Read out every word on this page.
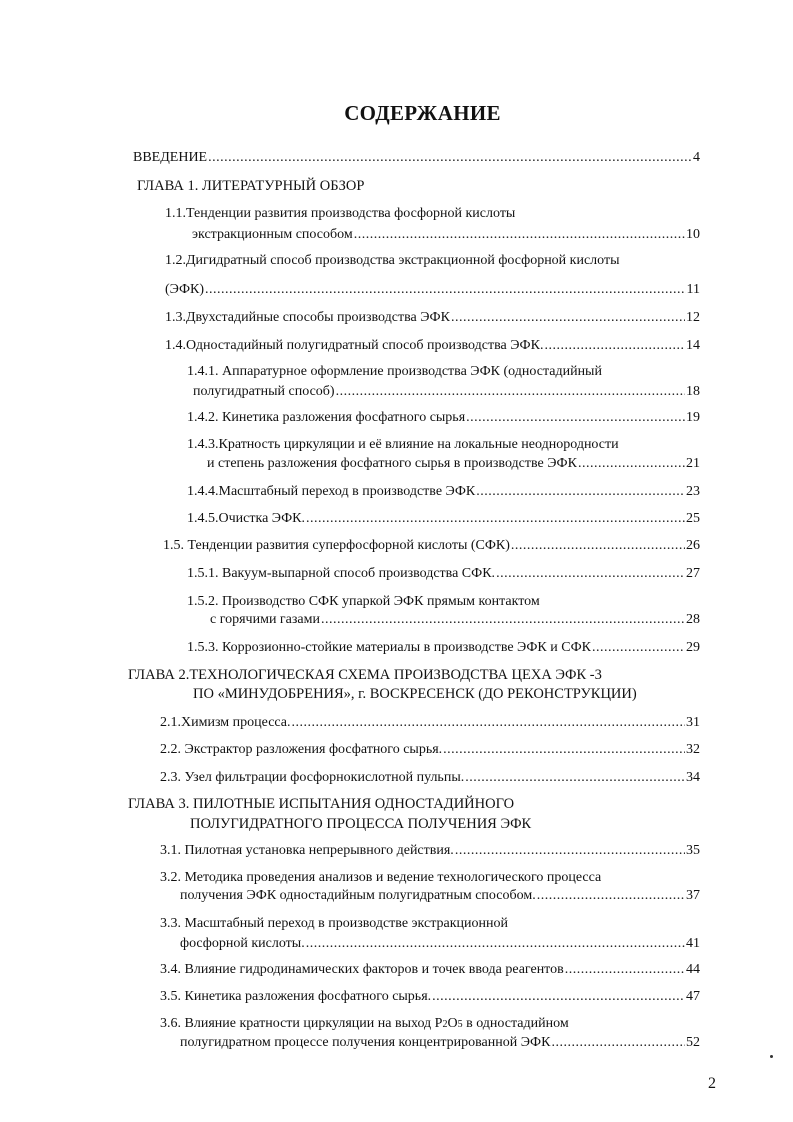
СОДЕРЖАНИЕ
ВВЕДЕНИЕ .....	4
ГЛАВА 1. ЛИТЕРАТУРНЫЙ ОБЗОР
1.1.Тенденции развития производства фосфорной кислоты
экстракционным способом .....	10
1.2.Дигидратный способ производства экстракционной фосфорной кислоты
(ЭФК) .....	11
1.3.Двухстадийные способы производства ЭФК .....	12
1.4.Одностадийный полугидратный способ производства ЭФК. .....	14
1.4.1. Аппаратурное оформление производства ЭФК (одностадийный
полугидратный способ) .....	18
1.4.2. Кинетика разложения фосфатного сырья .....	19
1.4.3.Кратность циркуляции и её влияние на локальные неоднородности
и степень разложения фосфатного сырья в производстве ЭФК .....	21
1.4.4.Масштабный переход в производстве ЭФК .....	23
1.4.5.Очистка ЭФК. .....	25
1.5. Тенденции развития суперфосфорной кислоты (СФК) .....	26
1.5.1. Вакуум-выпарной способ производства СФК. .....	27
1.5.2. Производство СФК упаркой ЭФК прямым контактом
с горячими газами .....	28
1.5.3. Коррозионно-стойкие материалы в производстве ЭФК и СФК .....	29
ГЛАВА 2.ТЕХНОЛОГИЧЕСКАЯ СХЕМА ПРОИЗВОДСТВА ЦЕХА ЭФК -3
ПО «МИНУДОБРЕНИЯ», г. ВОСКРЕСЕНСК (ДО РЕКОНСТРУКЦИИ)
2.1.Химизм процесса. .....	31
2.2. Экстрактор разложения фосфатного сырья. .....	32
2.3. Узел фильтрации фосфорнокислотной пульпы. .....	34
ГЛАВА 3. ПИЛОТНЫЕ ИСПЫТАНИЯ ОДНОСТАДИЙНОГО
ПОЛУГИДРАТНОГО ПРОЦЕССА ПОЛУЧЕНИЯ ЭФК
3.1. Пилотная установка непрерывного действия. .....	35
3.2. Методика проведения анализов и ведение технологического процесса
получения ЭФК одностадийным полугидратным способом. .....	37
3.3. Масштабный переход в производстве экстракционной
фосфорной кислоты. .....	41
3.4. Влияние гидродинамических факторов и точек ввода реагентов .....	44
3.5. Кинетика разложения фосфатного сырья. .....	47
3.6. Влияние кратности циркуляции на выход P 2 O 5 в одностадийном
полугидратном процессе получения концентрированной ЭФК .....	52
2
